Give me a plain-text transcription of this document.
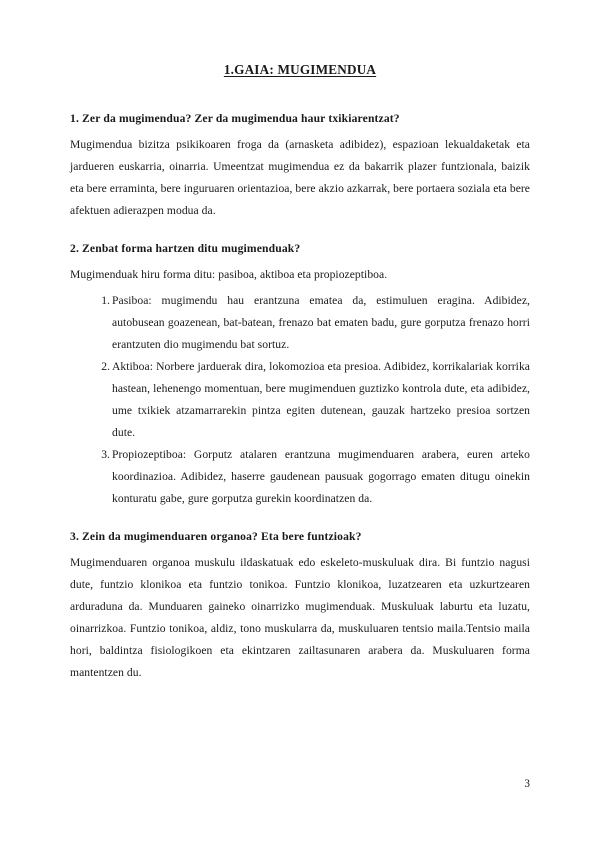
1.GAIA: MUGIMENDUA
1. Zer da mugimendua? Zer da mugimendua haur txikiarentzat?

Mugimendua bizitza psikikoaren froga da (arnasketa adibidez), espazioan lekualdaketak eta jardueren euskarria, oinarria. Umeentzat mugimendua ez da bakarrik plazer funtzionala, baizik eta bere erraminta, bere inguruaren orientazioa, bere akzio azkarrak, bere portaera soziala eta bere afektuen adierazpen modua da.

2. Zenbat forma hartzen ditu mugimenduak?

Mugimenduak hiru forma ditu: pasiboa, aktiboa eta propiozeptiboa.

1. Pasiboa: mugimendu hau erantzuna ematea da, estimuluen eragina. Adibidez, autobusean goazenean, bat-batean, frenazo bat ematen badu, gure gorputza frenazo horri erantzuten dio mugimendu bat sortuz.
2. Aktiboa: Norbere jarduerak dira, lokomozioa eta presioa. Adibidez, korrikalariak korrika hastean, lehenengo momentuan, bere mugimenduen guztizko kontrola dute, eta adibidez, ume txikiek atzamarrarekin pintza egiten dutenean, gauzak hartzeko presioa sortzen dute.
3. Propiozeptiboa: Gorputz atalaren erantzuna mugimenduaren arabera, euren arteko koordinazioa. Adibidez, haserre gaudenean pausuak gogorrago ematen ditugu oinekin konturatu gabe, gure gorputza gurekin koordinatzen da.
3. Zein da mugimenduaren organoa? Eta bere funtzioak?

Mugimenduaren organoa muskulu ildaskatuak edo eskeleto-muskuluak dira. Bi funtzio nagusi dute, funtzio klonikoa eta funtzio tonikoa. Funtzio klonikoa, luzatzearen eta uzkurtzearen arduraduna da. Munduaren gaineko oinarrizko mugimenduak. Muskuluak laburtu eta luzatu, oinarrizkoa. Funtzio tonikoa, aldiz, tono muskularra da, muskuluaren tentsio maila.Tentsio maila hori, baldintza fisiologikoen eta ekintzaren zailtasunaren arabera da. Muskuluaren forma mantentzen du.

3
